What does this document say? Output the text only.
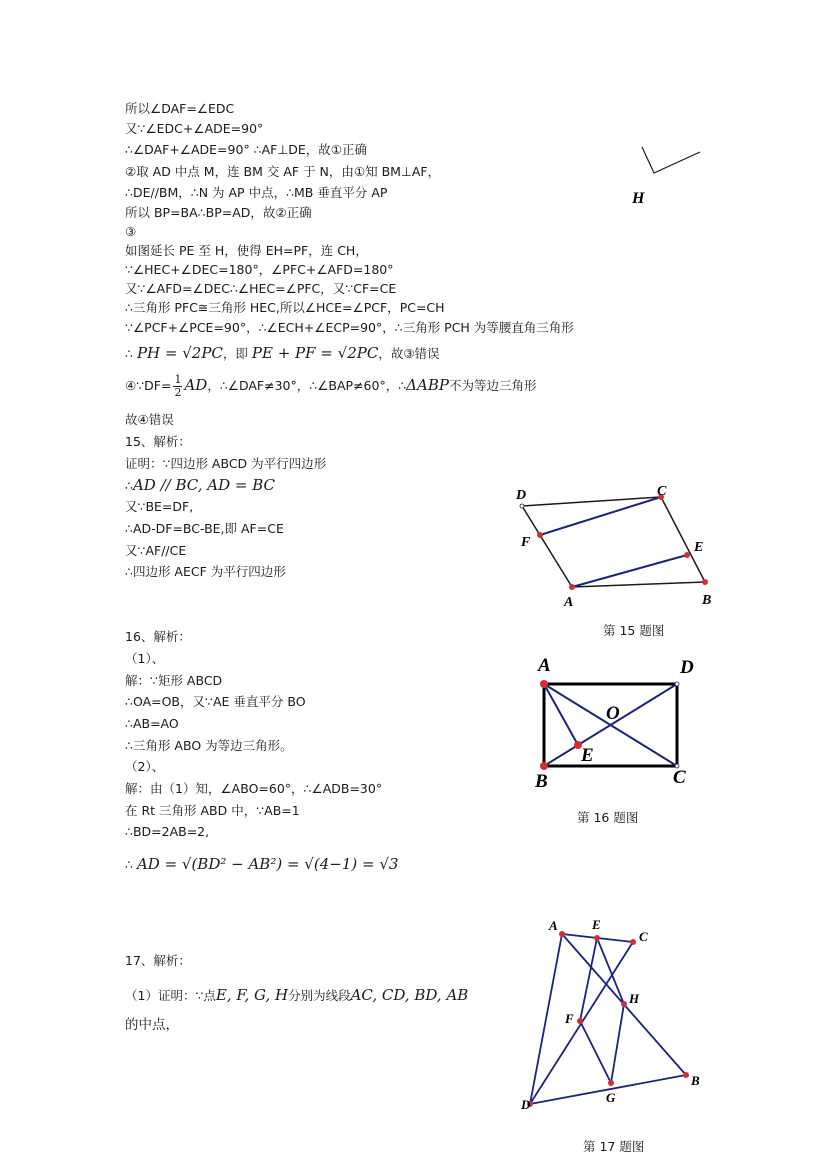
所以∠DAF=∠EDC
又∵∠EDC+∠ADE=90°
∴∠DAF+∠ADE=90° ∴AF⊥DE，故①正确
②取 AD 中点 M，连 BM 交 AF 于 N，由①知 BM⊥AF，
∴DE//BM，∴N 为 AP 中点，∴MB 垂直平分 AP
所以 BP=BA∴BP=AD，故②正确
③
如图延长 PE 至 H，使得 EH=PF，连 CH，
∵∠HEC+∠DEC=180°，∠PFC+∠AFD=180°
又∵∠AFD=∠DEC∴∠HEC=∠PFC，又∵CF=CE
∴三角形 PFC≅三角形 HEC,所以∠HCE=∠PCF，PC=CH
∵∠PCF+∠PCE=90°，∴∠ECH+∠ECP=90°，∴三角形 PCH 为等腰直角三角形
∴ PH = √2PC，即 PE + PF = √2PC，故③错误
④∵DF= $\frac{1}{2}$ AD，∴∠DAF≠30°，∴∠BAP≠60°，∴ΔABP不为等边三角形
故④错误
15、解析：
证明：∵四边形 ABCD 为平行四边形
∴AD // BC, AD = BC
又∵BE=DF,
∴AD-DF=BC-BE,即 AF=CE
又∵AF//CE
∴四边形 AECF 为平行四边形
16、解析：
（1）、
解：∵矩形 ABCD
∴OA=OB，又∵AE 垂直平分 BO
∴AB=AO
∴三角形 ABO 为等边三角形。
（2）、
解：由（1）知，∠ABO=60°，∴∠ADB=30°
在 Rt 三角形 ABD 中，∵AB=1
∴BD=2AB=2,
∴ AD = √(BD² − AB²) = √(4−1) = √3
17、解析：
（1）证明：∵点E, F, G, H分别为线段AC, CD, BD, AB
的中点，
H
D	C
F	E
A	B
第 15 题图
A	D
O
E
B	C
第 16 题图
A	E
C
H
F
B
D	G
第 17 题图
